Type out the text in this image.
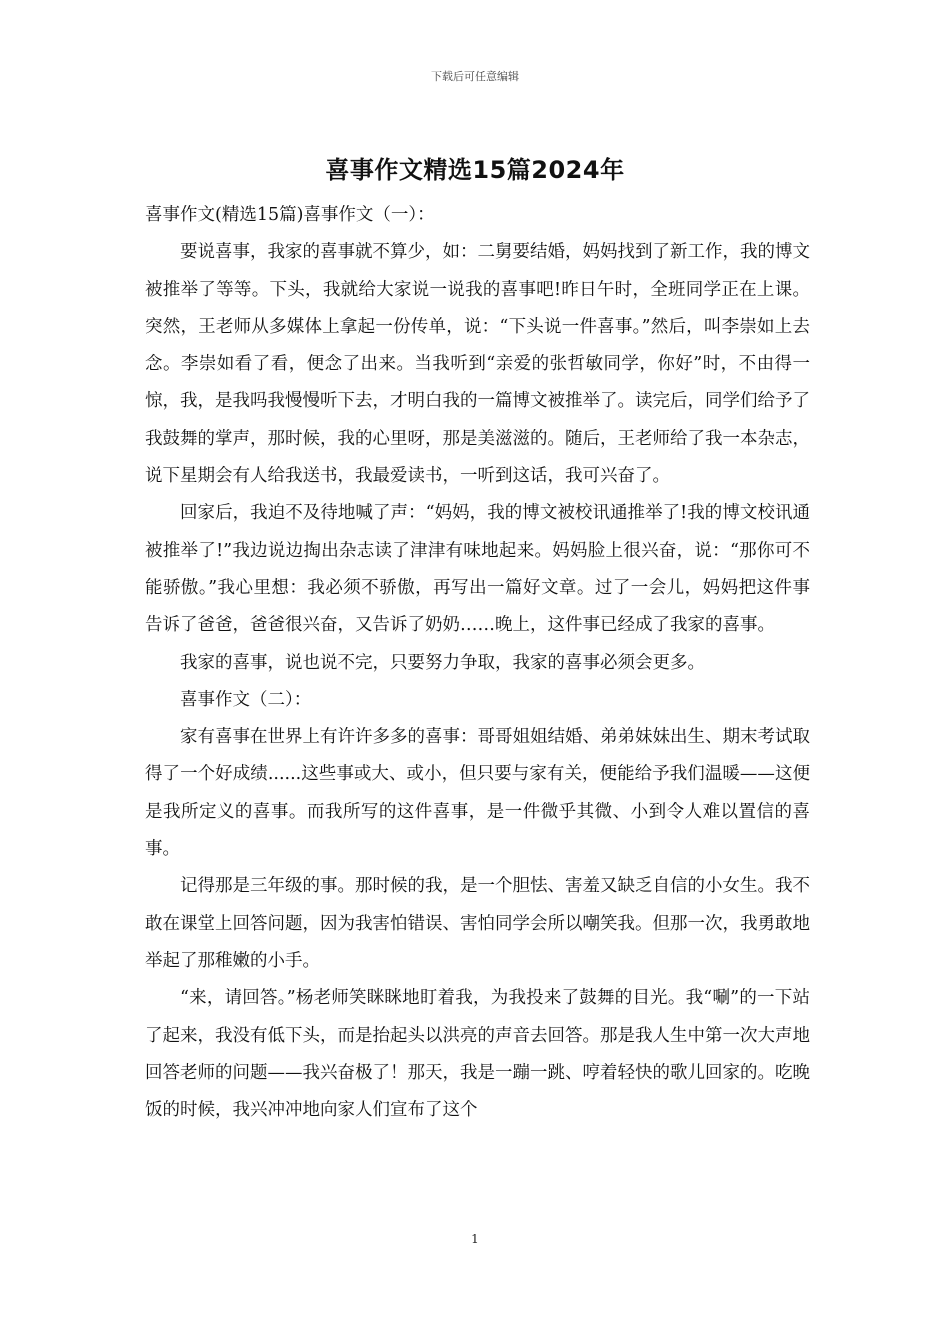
下载后可任意编辑
喜事作文精选15篇2024年

喜事作文(精选15篇)喜事作文（一）：

要说喜事，我家的喜事就不算少，如：二舅要结婚，妈妈找到了新工作，我的博文被推举了等等。下头，我就给大家说一说我的喜事吧!昨日午时，全班同学正在上课。突然，王老师从多媒体上拿起一份传单，说：“下头说一件喜事。”然后，叫李崇如上去念。李崇如看了看，便念了出来。当我听到“亲爱的张哲敏同学，你好”时，不由得一惊，我，是我吗我慢慢听下去，才明白我的一篇博文被推举了。读完后，同学们给予了我鼓舞的掌声，那时候，我的心里呀，那是美滋滋的。随后，王老师给了我一本杂志，说下星期会有人给我送书，我最爱读书，一听到这话，我可兴奋了。

回家后，我迫不及待地喊了声：“妈妈，我的博文被校讯通推举了!我的博文校讯通被推举了!”我边说边掏出杂志读了津津有味地起来。妈妈脸上很兴奋，说：“那你可不能骄傲。”我心里想：我必须不骄傲，再写出一篇好文章。过了一会儿，妈妈把这件事告诉了爸爸，爸爸很兴奋，又告诉了奶奶……晚上，这件事已经成了我家的喜事。

我家的喜事，说也说不完，只要努力争取，我家的喜事必须会更多。

喜事作文（二）：

家有喜事在世界上有许许多多的喜事：哥哥姐姐结婚、弟弟妹妹出生、期末考试取得了一个好成绩......这些事或大、或小，但只要与家有关，便能给予我们温暖——这便是我所定义的喜事。而我所写的这件喜事，是一件微乎其微、小到令人难以置信的喜事。

记得那是三年级的事。那时候的我，是一个胆怯、害羞又缺乏自信的小女生。我不敢在课堂上回答问题，因为我害怕错误、害怕同学会所以嘲笑我。但那一次，我勇敢地举起了那稚嫩的小手。

“来，请回答。”杨老师笑眯眯地盯着我，为我投来了鼓舞的目光。我“唰”的一下站了起来，我没有低下头，而是抬起头以洪亮的声音去回答。那是我人生中第一次大声地回答老师的问题——我兴奋极了！那天，我是一蹦一跳、哼着轻快的歌儿回家的。吃晚饭的时候，我兴冲冲地向家人们宣布了这个

1
